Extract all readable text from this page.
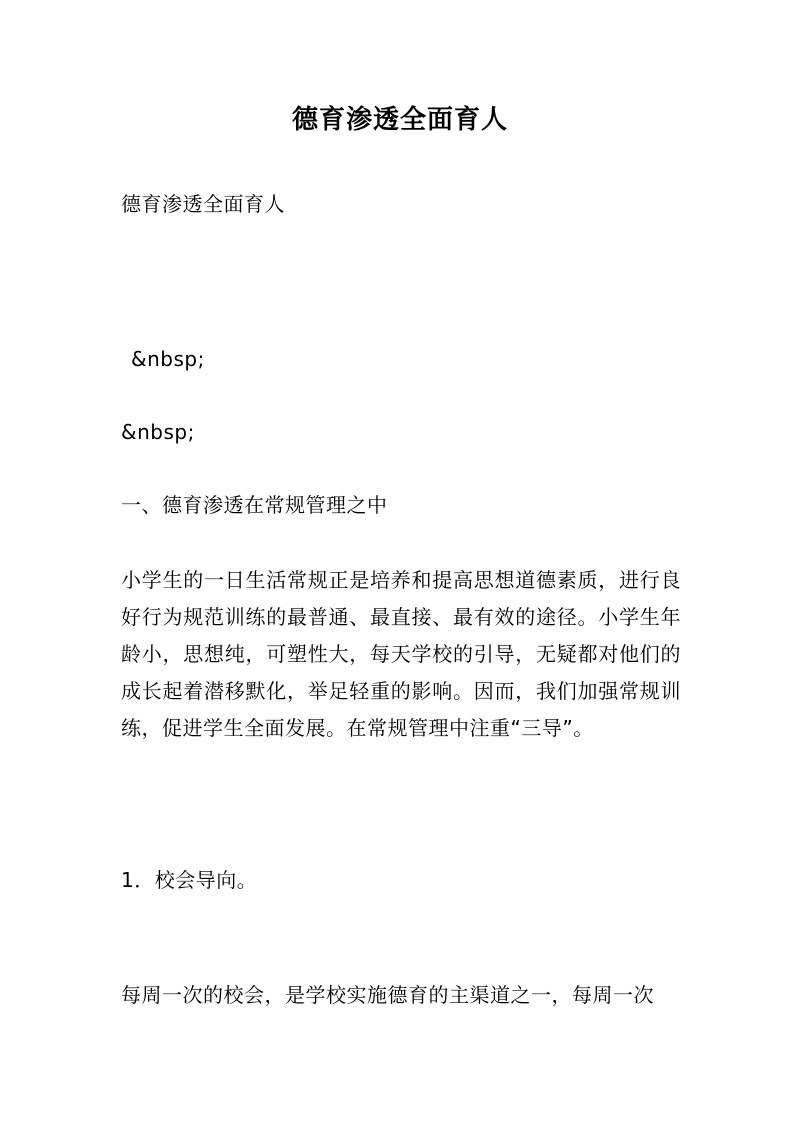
德育渗透全面育人
德育渗透全面育人
&nbsp;
&nbsp;
一、德育渗透在常规管理之中
小学生的一日生活常规正是培养和提高思想道德素质，进行良好行为规范训练的最普通、最直接、最有效的途径。小学生年龄小，思想纯，可塑性大，每天学校的引导，无疑都对他们的成长起着潜移默化，举足轻重的影响。因而，我们加强常规训练，促进学生全面发展。在常规管理中注重“三导”。
1．校会导向。
每周一次的校会，是学校实施德育的主渠道之一，每周一次
